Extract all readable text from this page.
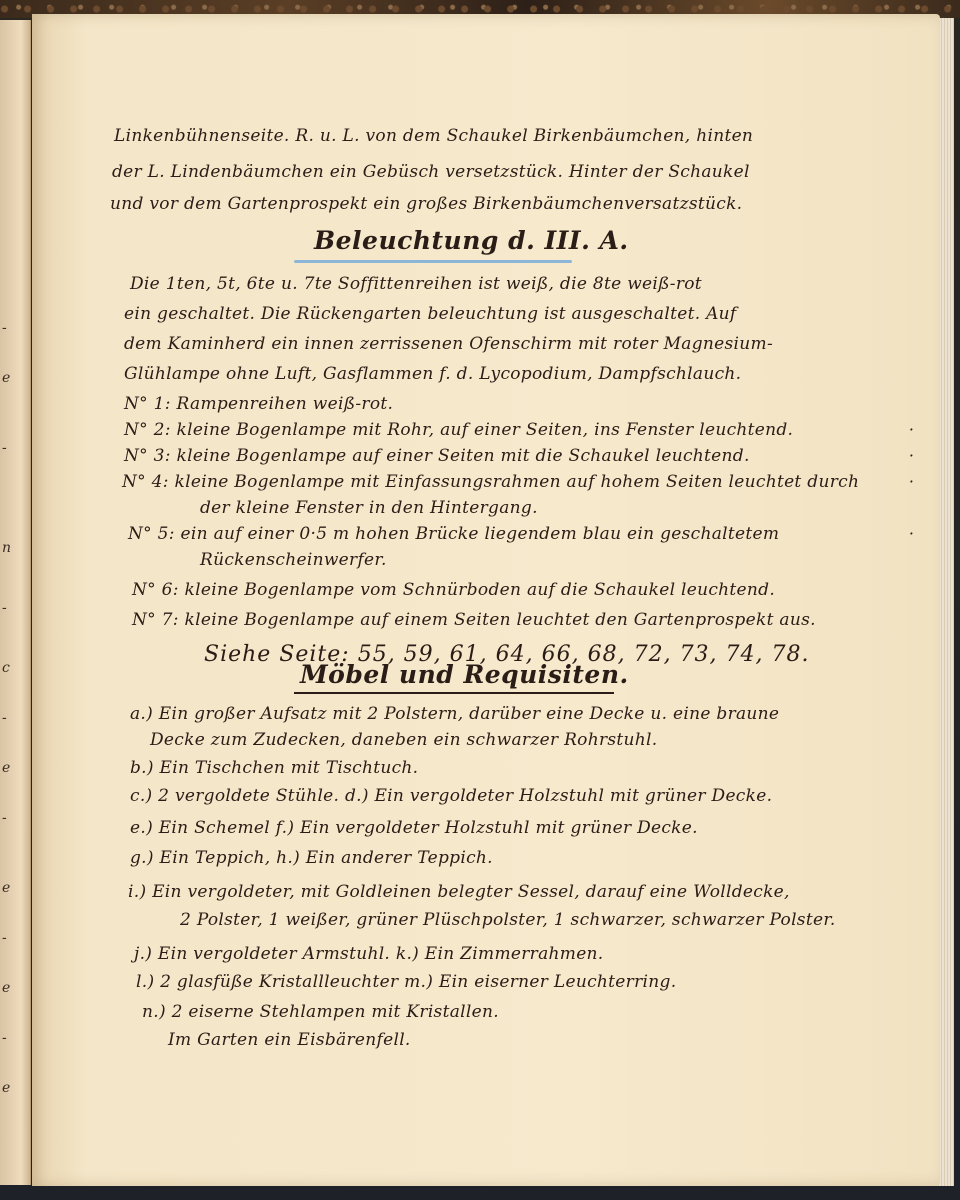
-
e
-
n
-
c
-
e
-
e
-
e
-
e
Linkenbühnenseite. R. u. L. von dem Schaukel Birkenbäumchen, hinten
der L. Lindenbäumchen ein Gebüsch versetzstück. Hinter der Schaukel
und vor dem Gartenprospekt ein großes Birkenbäumchenversatzstück.
Beleuchtung d. III. A.
Die 1ten, 5t, 6te u. 7te Soffittenreihen ist weiß, die 8te weiß-rot
ein geschaltet. Die Rückengarten beleuchtung ist ausgeschaltet. Auf
dem Kaminherd ein innen zerrissenen Ofenschirm mit roter Magnesium-
Glühlampe ohne Luft, Gasflammen f. d. Lycopodium, Dampfschlauch.
N° 1: Rampenreihen weiß-rot.
N° 2: kleine Bogenlampe mit Rohr, auf einer Seiten, ins Fenster leuchtend.
N° 3: kleine Bogenlampe auf einer Seiten mit die Schaukel leuchtend.
N° 4: kleine Bogenlampe mit Einfassungsrahmen auf hohem Seiten leuchtet durch
der kleine Fenster in den Hintergang.
N° 5: ein auf einer 0·5 m hohen Brücke liegendem blau ein geschaltetem
Rückenscheinwerfer.
N° 6: kleine Bogenlampe vom Schnürboden auf die Schaukel leuchtend.
N° 7: kleine Bogenlampe auf einem Seiten leuchtet den Gartenprospekt aus.
Siehe Seite: 55, 59, 61, 64, 66, 68, 72, 73, 74, 78.
Möbel und Requisiten.
a.) Ein großer Aufsatz mit 2 Polstern, darüber eine Decke u. eine braune
Decke zum Zudecken, daneben ein schwarzer Rohrstuhl.
b.) Ein Tischchen mit Tischtuch.
c.) 2 vergoldete Stühle. d.) Ein vergoldeter Holzstuhl mit grüner Decke.
e.) Ein Schemel f.) Ein vergoldeter Holzstuhl mit grüner Decke.
g.) Ein Teppich, h.) Ein anderer Teppich.
i.) Ein vergoldeter, mit Goldleinen belegter Sessel, darauf eine Wolldecke,
2 Polster, 1 weißer, grüner Plüschpolster, 1 schwarzer, schwarzer Polster.
j.) Ein vergoldeter Armstuhl. k.) Ein Zimmerrahmen.
l.) 2 glasfüße Kristallleuchter m.) Ein eiserner Leuchterring.
n.) 2 eiserne Stehlampen mit Kristallen.
Im Garten ein Eisbärenfell.
·
·
·
·
